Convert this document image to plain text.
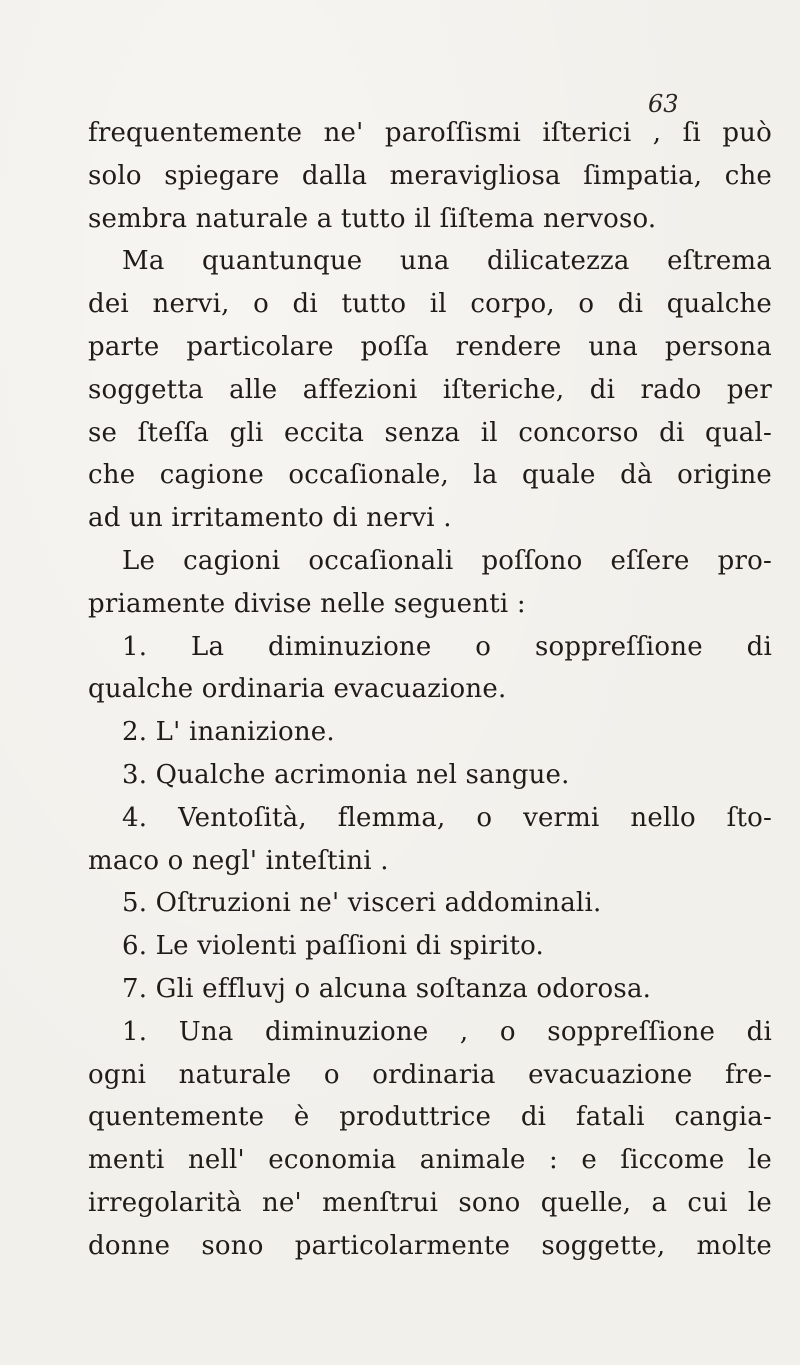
63
frequentemente ne' paroſſismi iſterici , ſi può
solo spiegare dalla meravigliosa ſimpatia, che
sembra naturale a tutto il ſiſtema nervoso.
Ma quantunque una dilicatezza eſtrema
dei nervi, o di tutto il corpo, o di qualche
parte particolare poſſa rendere una persona
soggetta alle affezioni iſteriche, di rado per
se ſteſſa gli eccita senza il concorso di qual-
che cagione occaſionale, la quale dà origine
ad un irritamento di nervi .
Le cagioni occaſionali poſſono eſſere pro-
priamente divise nelle seguenti :
1. La diminuzione o soppreſſione di
qualche ordinaria evacuazione.
2. L' inanizione.
3. Qualche acrimonia nel sangue.
4. Ventoſità, flemma, o vermi nello ſto-
maco o negl' inteſtini .
5. Oſtruzioni ne' visceri addominali.
6. Le violenti paſſioni di spirito.
7. Gli effluvj o alcuna soſtanza odorosa.
1. Una diminuzione , o soppreſſione di
ogni naturale o ordinaria evacuazione fre-
quentemente è produttrice di fatali cangia-
menti nell' economia animale : e ſiccome le
irregolarità ne' menſtrui sono quelle, a cui le
donne sono particolarmente soggette, molte
